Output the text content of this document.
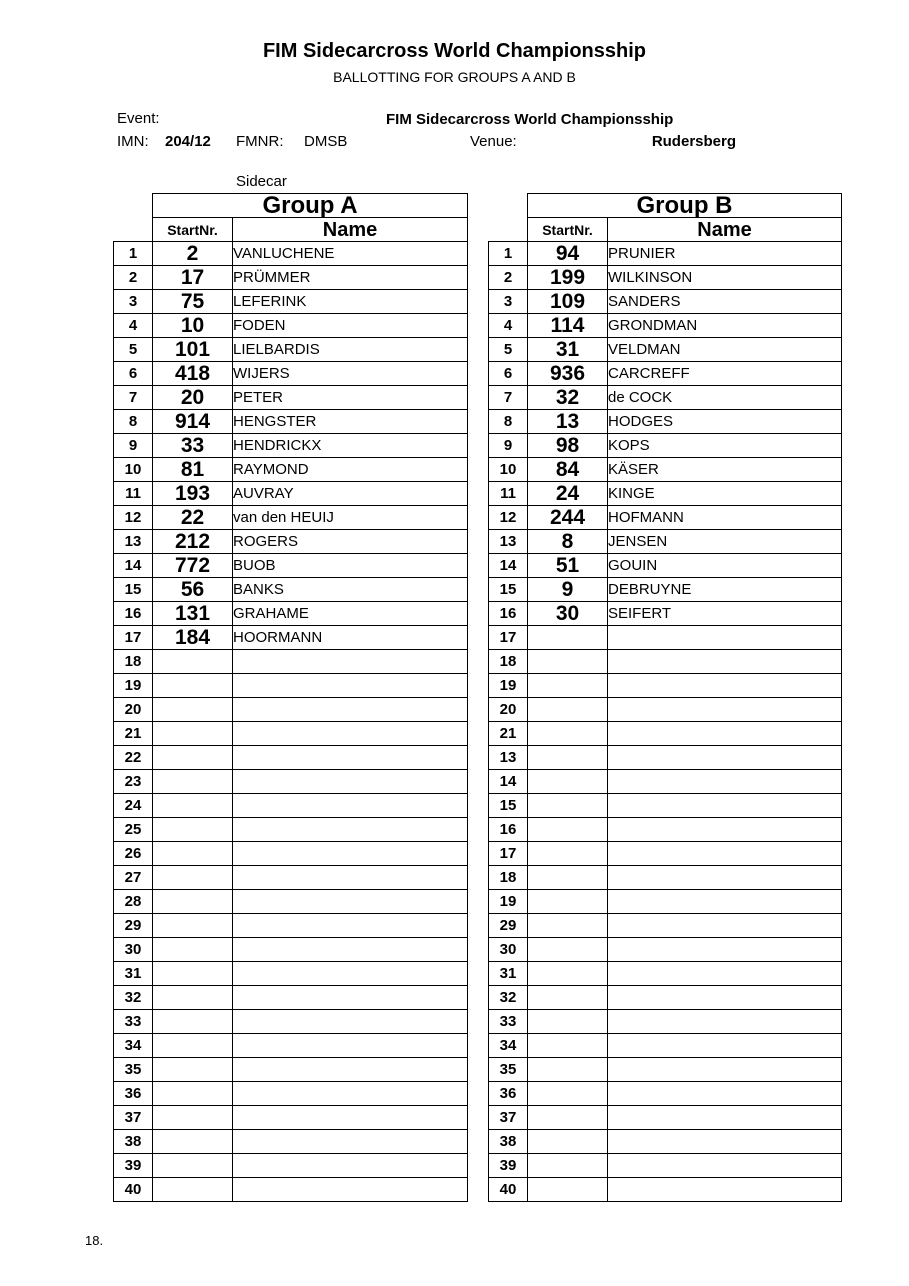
FIM Sidecarcross World Championsship
BALLOTTING FOR GROUPS A AND B
Event:	FIM Sidecarcross World Championsship
IMN: 204/12 FMNR: DMSB	Venue:	Rudersberg
Sidecar
	Group A	
	StartNr.	Name
1	2	VANLUCHENE
2	17	PRÜMMER
3	75	LEFERINK
4	10	FODEN
5	101	LIELBARDIS
6	418	WIJERS
7	20	PETER
8	914	HENGSTER
9	33	HENDRICKX
10	81	RAYMOND
11	193	AUVRAY
12	22	van den HEUIJ
13	212	ROGERS
14	772	BUOB
15	56	BANKS
16	131	GRAHAME
17	184	HOORMANN
18		
19		
20		
21		
22		
23		
24		
25		
26		
27		
28		
29		
30		
31		
32		
33		
34		
35		
36		
37		
38		
39		
40		
	Group B	
	StartNr.	Name
1	94	PRUNIER
2	199	WILKINSON
3	109	SANDERS
4	114	GRONDMAN
5	31	VELDMAN
6	936	CARCREFF
7	32	de COCK
8	13	HODGES
9	98	KOPS
10	84	KÄSER
11	24	KINGE
12	244	HOFMANN
13	8	JENSEN
14	51	GOUIN
15	9	DEBRUYNE
16	30	SEIFERT
17		
18		
19		
20		
21		
13		
14		
15		
16		
17		
18		
19		
29		
30		
31		
32		
33		
34		
35		
36		
37		
38		
39		
40		
18.
